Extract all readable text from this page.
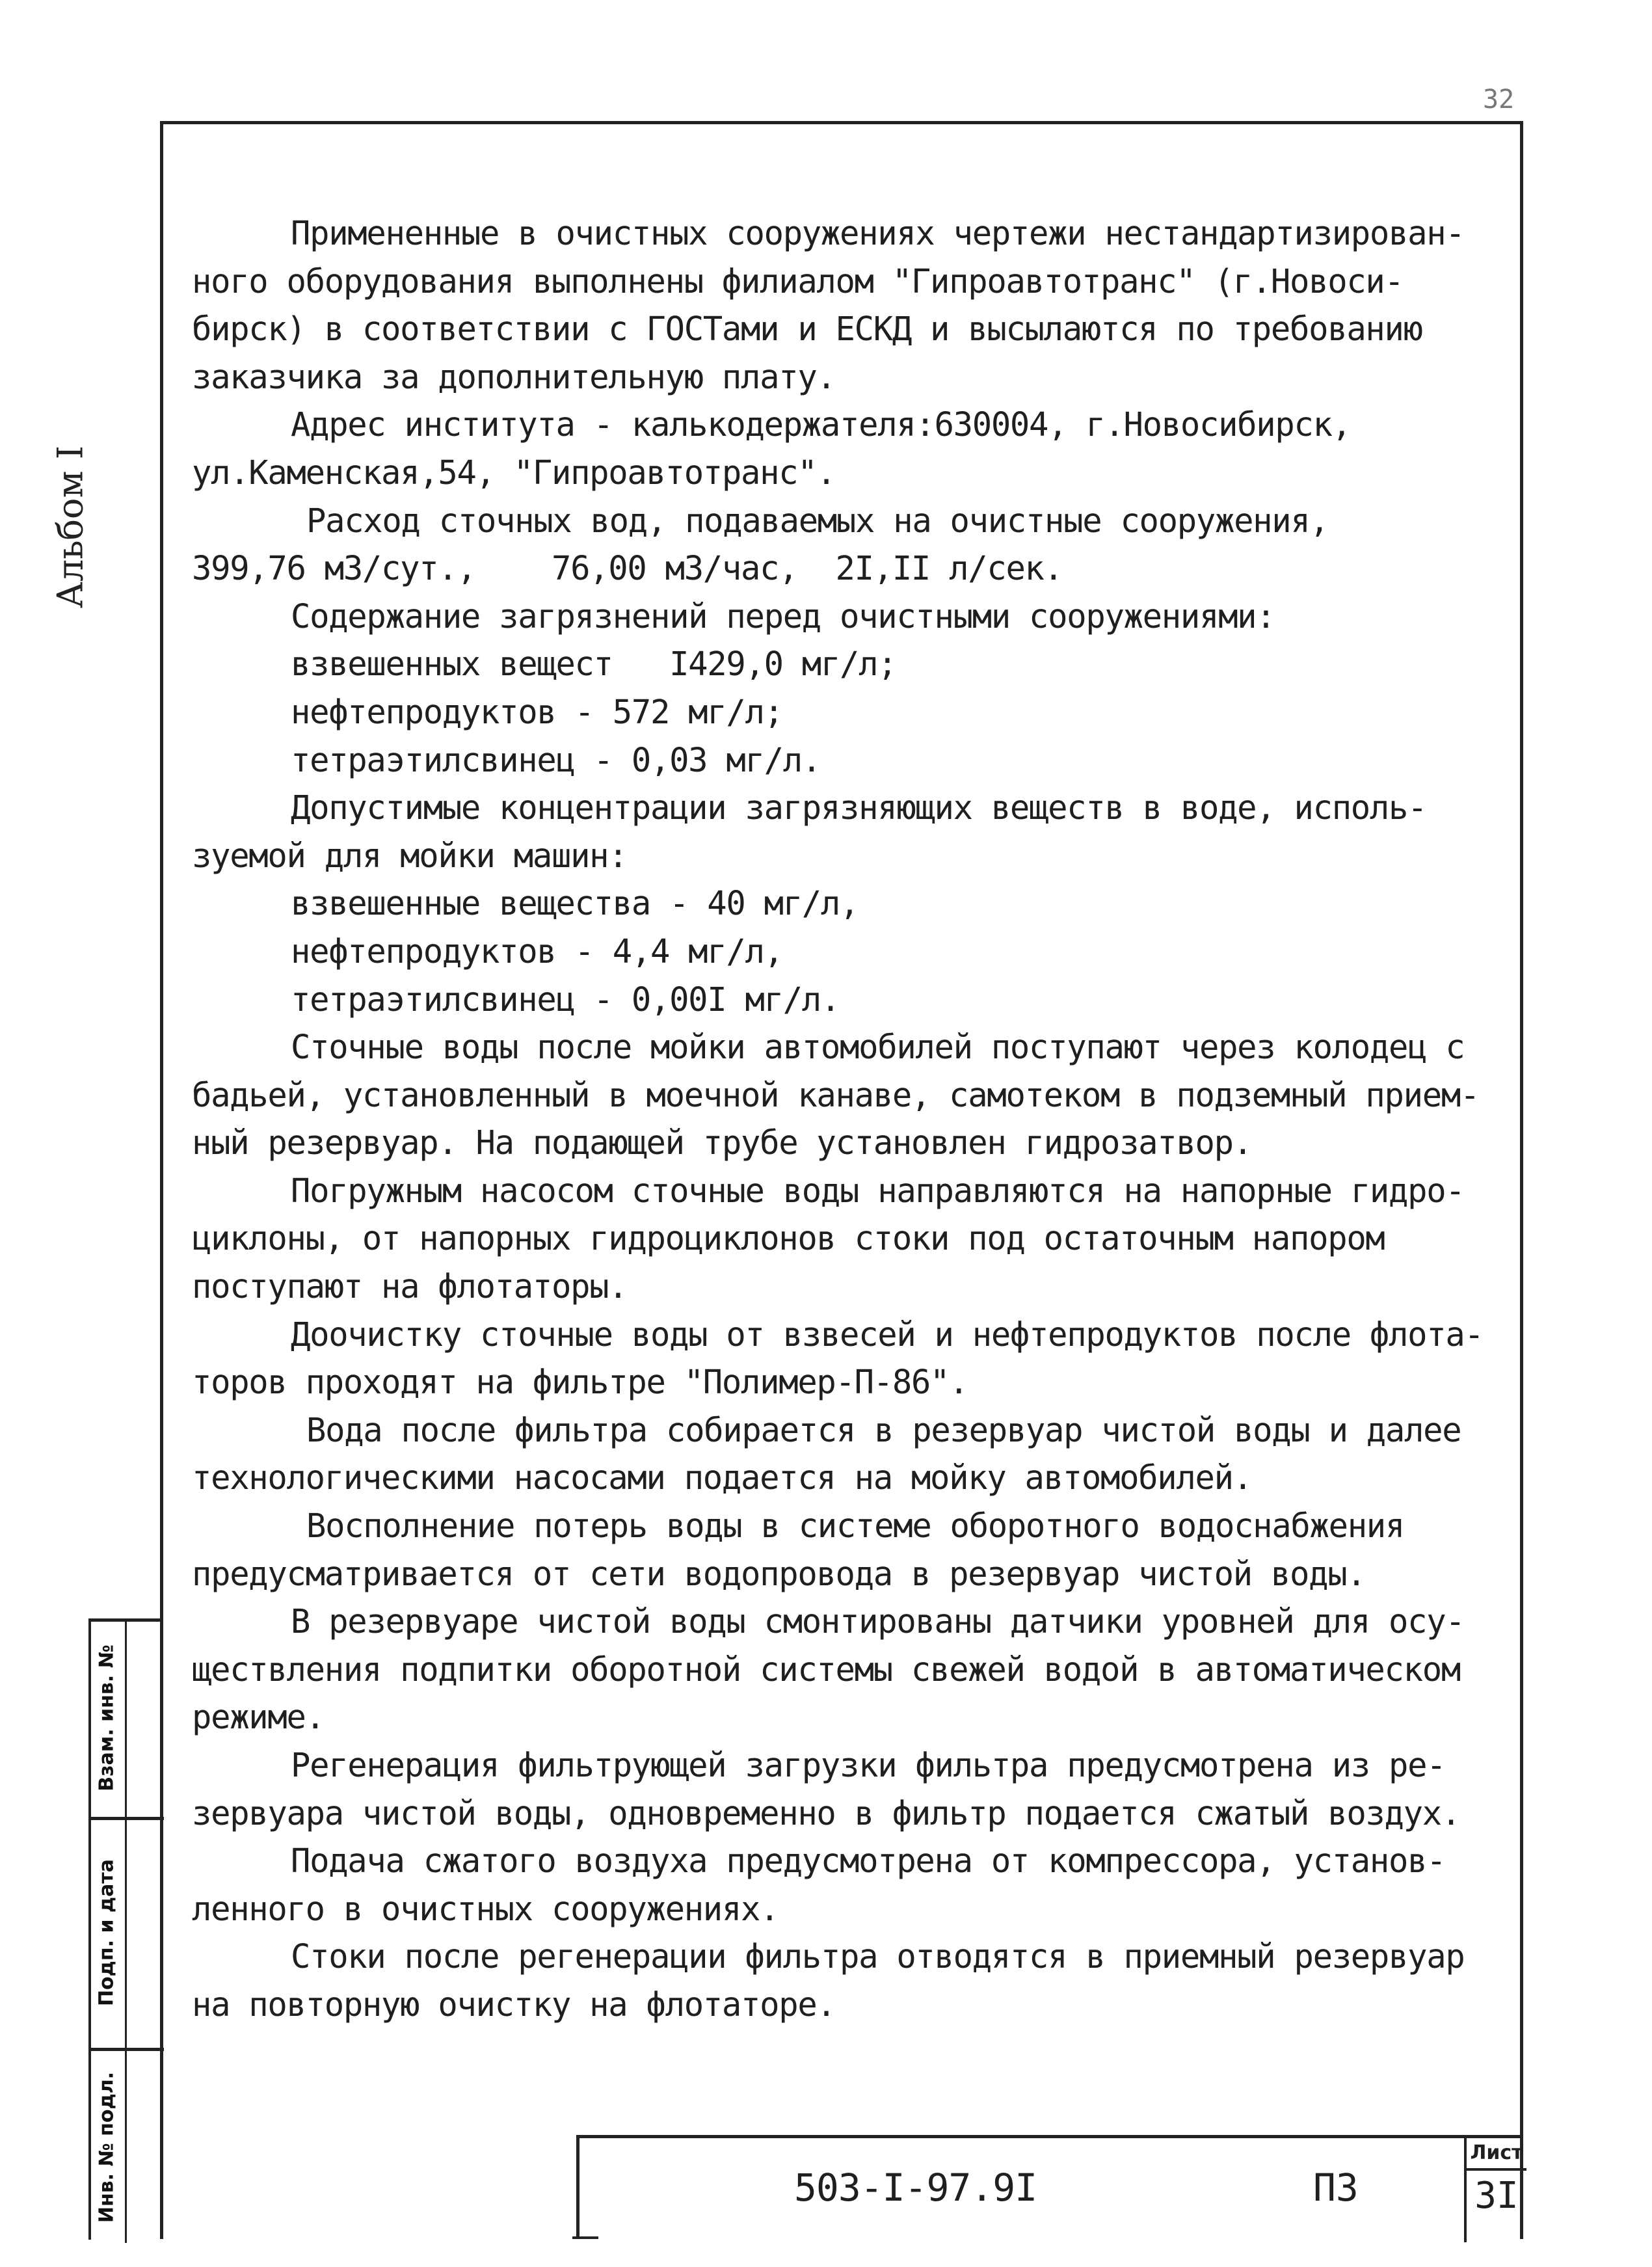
32
Альбом I

Примененные в очистных сооружениях чертежи нестандартизирован-

ного оборудования выполнены филиалом "Гипроавтотранс" (г.Новоси-

бирск) в соответствии с ГОСТами и ЕСКД и высылаются по требованию

заказчика за дополнительную плату.

Адрес института - калькодержателя:630004, г.Новосибирск,

ул.Каменская,54, "Гипроавтотранс".

Расход сточных вод, подаваемых на очистные сооружения,

399,76 м3/сут.,    76,00 м3/час,  2I,II л/сек.

Содержание загрязнений перед очистными сооружениями:

взвешенных вещест   I429,0 мг/л;

нефтепродуктов - 572 мг/л;

тетраэтилсвинец - 0,03 мг/л.

Допустимые концентрации загрязняющих веществ в воде, исполь-

зуемой для мойки машин:

взвешенные вещества - 40 мг/л,

нефтепродуктов - 4,4 мг/л,

тетраэтилсвинец - 0,00I мг/л.

Сточные воды после мойки автомобилей поступают через колодец с

бадьей, установленный в моечной канаве, самотеком в подземный прием-

ный резервуар. На подающей трубе установлен гидрозатвор.

Погружным насосом сточные воды направляются на напорные гидро-

циклоны, от напорных гидроциклонов стоки под остаточным напором

поступают на флотаторы.

Доочистку сточные воды от взвесей и нефтепродуктов после флота-

торов проходят на фильтре "Полимер-П-86".

Вода после фильтра собирается в резервуар чистой воды и далее

технологическими насосами подается на мойку автомобилей.

Восполнение потерь воды в системе оборотного водоснабжения

предусматривается от сети водопровода в резервуар чистой воды.

В резервуаре чистой воды смонтированы датчики уровней для осу-

ществления подпитки оборотной системы свежей водой в автоматическом

режиме.

Регенерация фильтрующей загрузки фильтра предусмотрена из ре-

зервуара чистой воды, одновременно в фильтр подается сжатый воздух.

Подача сжатого воздуха предусмотрена от компрессора, установ-

ленного в очистных сооружениях.

Стоки после регенерации фильтра отводятся в приемный резервуар

на повторную очистку на флотаторе.

Взам. инв. №
Подп. и дата
Инв. № подл.	503-I-97.9I	ПЗ
Лист
3I
